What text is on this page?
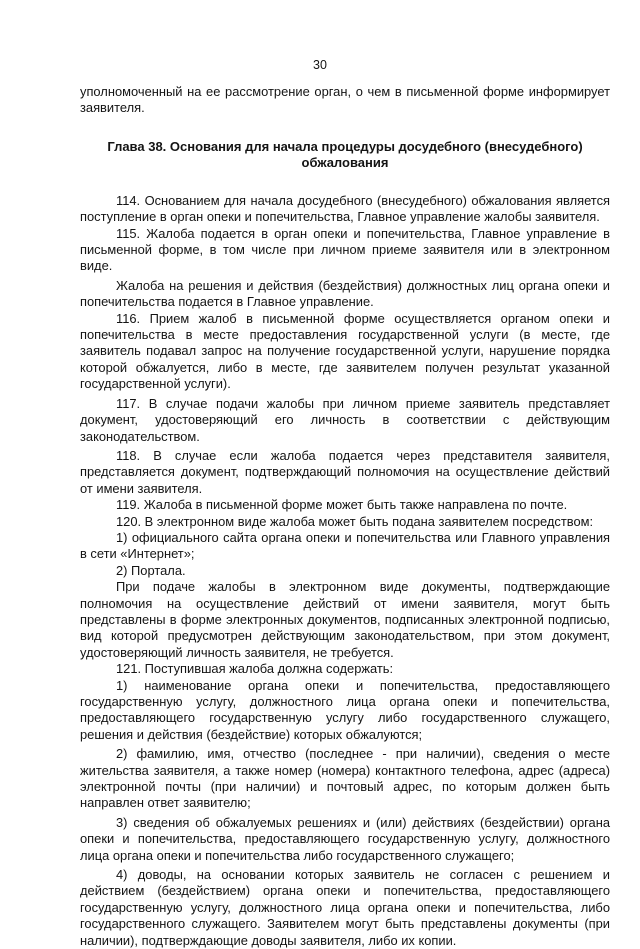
30

уполномоченный на ее рассмотрение орган, о чем в письменной форме информирует заявителя.

Глава 38. Основания для начала процедуры досудебного (внесудебного) обжалования

114. Основанием для начала досудебного (внесудебного) обжалования является поступление в орган опеки и попечительства, Главное управление жалобы заявителя.

115. Жалоба подается в орган опеки и попечительства, Главное управление в письменной форме, в том числе при личном приеме заявителя или в электронном виде.

Жалоба на решения и действия (бездействия) должностных лиц органа опеки и попечительства подается в Главное управление.

116. Прием жалоб в письменной форме осуществляется органом опеки и попечительства в месте предоставления государственной услуги (в месте, где заявитель подавал запрос на получение государственной услуги, нарушение порядка которой обжалуется, либо в месте, где заявителем получен результат указанной государственной услуги).

117. В случае подачи жалобы при личном приеме заявитель представляет документ, удостоверяющий его личность в соответствии с действующим законодательством.

118. В случае если жалоба подается через представителя заявителя, представляется документ, подтверждающий полномочия на осуществление действий от имени заявителя.

119. Жалоба в письменной форме может быть также направлена по почте.

120. В электронном виде жалоба может быть подана заявителем посредством:

1) официального сайта органа опеки и попечительства или Главного управления в сети «Интернет»;

2) Портала.

При подаче жалобы в электронном виде документы, подтверждающие полномочия на осуществление действий от имени заявителя, могут быть представлены в форме электронных документов, подписанных электронной подписью, вид которой предусмотрен действующим законодательством, при этом документ, удостоверяющий личность заявителя, не требуется.

121. Поступившая жалоба должна содержать:

1) наименование органа опеки и попечительства, предоставляющего государственную услугу, должностного лица органа опеки и попечительства, предоставляющего государственную услугу либо государственного служащего, решения и действия (бездействие) которых обжалуются;

2) фамилию, имя, отчество (последнее - при наличии), сведения о месте жительства заявителя, а также номер (номера) контактного телефона, адрес (адреса) электронной почты (при наличии) и почтовый адрес, по которым должен быть направлен ответ заявителю;

3) сведения об обжалуемых решениях и (или) действиях (бездействии) органа опеки и попечительства, предоставляющего государственную услугу, должностного лица органа опеки и попечительства либо государственного служащего;

4) доводы, на основании которых заявитель не согласен с решением и действием (бездействием) органа опеки и попечительства, предоставляющего государственную услугу, должностного лица органа опеки и попечительства, либо государственного служащего. Заявителем могут быть представлены документы (при наличии), подтверждающие доводы заявителя, либо их копии.
